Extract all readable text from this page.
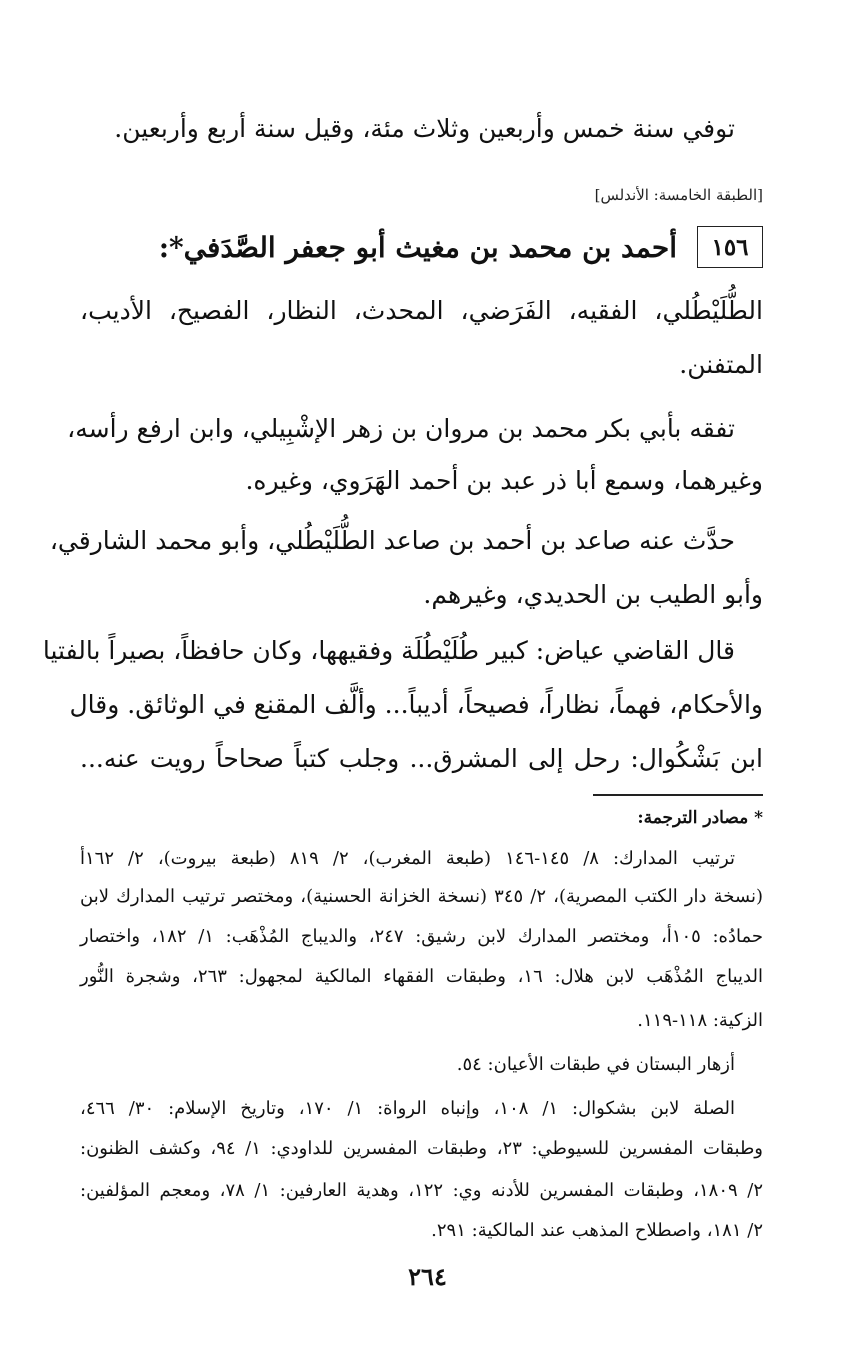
توفي سنة خمس وأربعين وثلاث مئة، وقيل سنة أربع وأربعين.
[الطبقة الخامسة: الأندلس]
١٥٦
أحمد بن محمد بن مغيث أبو جعفر الصَّدَفي*:
الطُّلَيْطُلي، الفقيه، الفَرَضي، المحدث، النظار، الفصيح، الأديب،
المتفنن.
تفقه بأبي بكر محمد بن مروان بن زهر الإشْبِيلي، وابن ارفع رأسه،
وغيرهما، وسمع أبا ذر عبد بن أحمد الهَرَوي، وغيره.
حدَّث عنه صاعد بن أحمد بن صاعد الطُّلَيْطُلي، وأبو محمد الشارقي،
وأبو الطيب بن الحديدي، وغيرهم.
قال القاضي عياض: كبير طُلَيْطُلَة وفقيهها، وكان حافظاً، بصيراً بالفتيا
والأحكام، فهماً، نظاراً، فصيحاً، أديباً... وألَّف المقنع في الوثائق. وقال
ابن بَشْكُوال: رحل إلى المشرق... وجلب كتباً صحاحاً رويت عنه...
* مصادر الترجمة:
ترتيب المدارك: ٨/ ١٤٥-١٤٦ (طبعة المغرب)، ٢/ ٨١٩ (طبعة بيروت)، ٢/ ١٦٢أ
(نسخة دار الكتب المصرية)، ٢/ ٣٤٥ (نسخة الخزانة الحسنية)، ومختصر ترتيب المدارك لابن
حمادُه: ١٠٥أ، ومختصر المدارك لابن رشيق: ٢٤٧، والديباج المُذْهَب: ١/ ١٨٢، واختصار
الديباج المُذْهَب لابن هلال: ١٦، وطبقات الفقهاء المالكية لمجهول: ٢٦٣، وشجرة النُّور
الزكية: ١١٨-١١٩.
أزهار البستان في طبقات الأعيان: ٥٤.
الصلة لابن بشكوال: ١/ ١٠٨، وإنباه الرواة: ١/ ١٧٠، وتاريخ الإسلام: ٣٠/ ٤٦٦،
وطبقات المفسرين للسيوطي: ٢٣، وطبقات المفسرين للداودي: ١/ ٩٤، وكشف الظنون:
٢/ ١٨٠٩، وطبقات المفسرين للأدنه وي: ١٢٢، وهدية العارفين: ١/ ٧٨، ومعجم المؤلفين:
٢/ ١٨١، واصطلاح المذهب عند المالكية: ٢٩١.
٢٦٤
